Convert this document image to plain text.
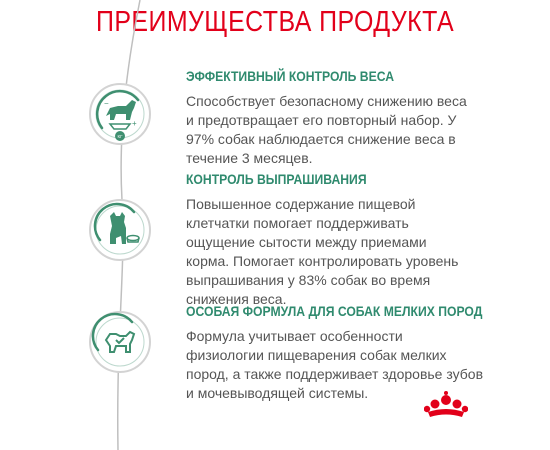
ПРЕИМУЩЕСТВА ПРОДУКТА
−
+
КГ
ЭФФЕКТИВНЫЙ КОНТРОЛЬ ВЕСА

Способствует безопасному снижению веса
и предотвращает его повторный набор. У
97% собак наблюдается снижение веса в
течение 3 месяцев.

КОНТРОЛЬ ВЫПРАШИВАНИЯ

Повышенное содержание пищевой
клетчатки помогает поддерживать
ощущение сытости между приемами
корма. Помогает контролировать уровень
выпрашивания у 83% собак во время
снижения веса.

ОСОБАЯ ФОРМУЛА ДЛЯ СОБАК МЕЛКИХ ПОРОД

Формула учитывает особенности
физиологии пищеварения собак мелких
пород, а также поддерживает здоровье зубов
и мочевыводящей системы.
